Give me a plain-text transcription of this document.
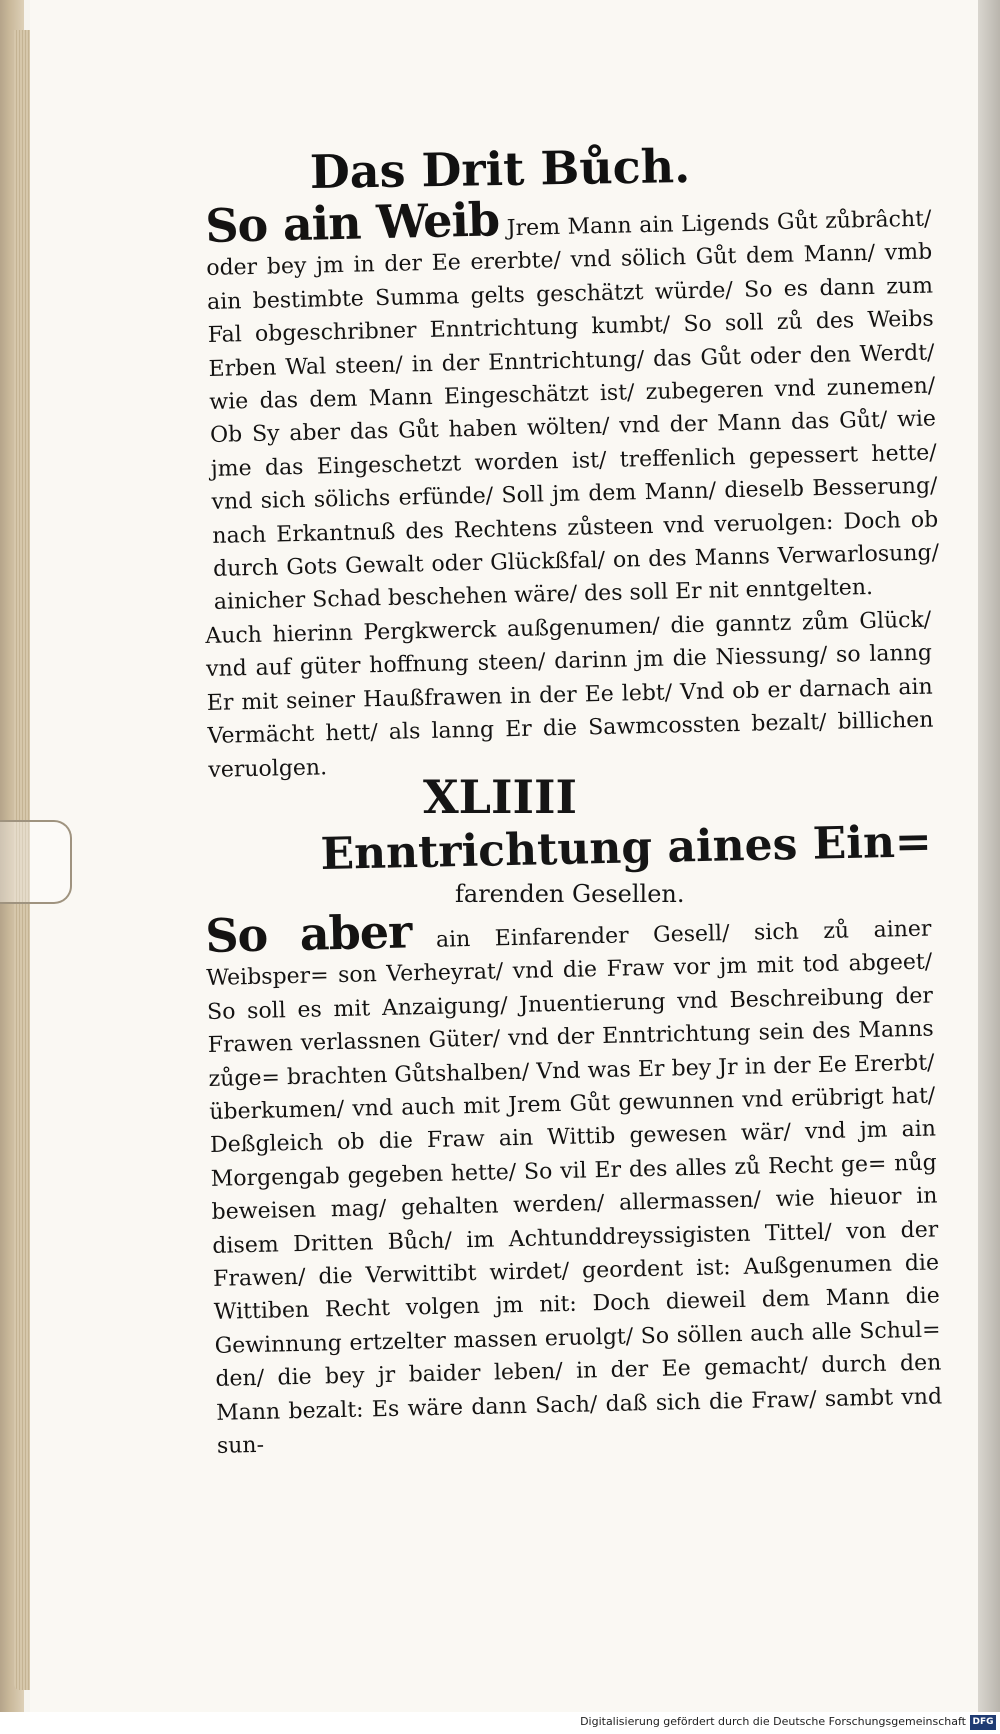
Das Drit Bůch.
So ain Weib Jrem Mann ain Ligends Gůt zůbrâcht/ oder bey jm in der Ee ererbte/ vnd sölich Gůt dem Mann/ vmb ain bestimbte Summa gelts geschätzt würde/ So es dann zum Fal obgeschribner Enntrichtung kumbt/ So soll zů des Weibs Erben Wal steen/ in der Enntrichtung/ das Gůt oder den Werdt/ wie das dem Mann Eingeschätzt ist/ zubegeren vnd zunemen/ Ob Sy aber das Gůt haben wölten/ vnd der Mann das Gůt/ wie jme das Eingeschetzt worden ist/ treffenlich gepessert hette/ vnd sich sölichs erfünde/ Soll jm dem Mann/ dieselb Besserung/ nach Erkantnuß des Rechtens zůsteen vnd veruolgen: Doch ob durch Gots Gewalt oder Glückßfal/ on des Manns Verwarlosung/ ainicher Schad beschehen wäre/ des soll Er nit enntgelten.
Auch hierinn Pergkwerck außgenumen/ die ganntz zům Glück/ vnd auf güter hoffnung steen/ darinn jm die Niessung/ so lanng Er mit seiner Haußfrawen in der Ee lebt/ Vnd ob er darnach ain Vermächt hett/ als lanng Er die Sawmcossten bezalt/ billichen veruolgen.
XLIIII
Enntrichtung aines Ein=
farenden Gesellen.
So aber ain Einfarender Gesell/ sich zů ainer Weibsper= son Verheyrat/ vnd die Fraw vor jm mit tod abgeet/ So soll es mit Anzaigung/ Jnuentierung vnd Beschreibung der Frawen verlassnen Güter/ vnd der Enntrichtung sein des Manns zůge= brachten Gůtshalben/ Vnd was Er bey Jr in der Ee Ererbt/ überkumen/ vnd auch mit Jrem Gůt gewunnen vnd erübrigt hat/ Deßgleich ob die Fraw ain Wittib gewesen wär/ vnd jm ain Morgengab gegeben hette/ So vil Er des alles zů Recht ge= nůg beweisen mag/ gehalten werden/ allermassen/ wie hieuor in disem Dritten Bůch/ im Achtunddreyssigisten Tittel/ von der Frawen/ die Verwittibt wirdet/ geordent ist: Außgenumen die Wittiben Recht volgen jm nit: Doch dieweil dem Mann die Gewinnung ertzelter massen eruolgt/ So söllen auch alle Schul= den/ die bey jr baider leben/ in der Ee gemacht/ durch den Mann bezalt: Es wäre dann Sach/ daß sich die Fraw/ sambt vnd sun-
Digitalisierung gefördert durch die Deutsche Forschungsgemeinschaft DFG
